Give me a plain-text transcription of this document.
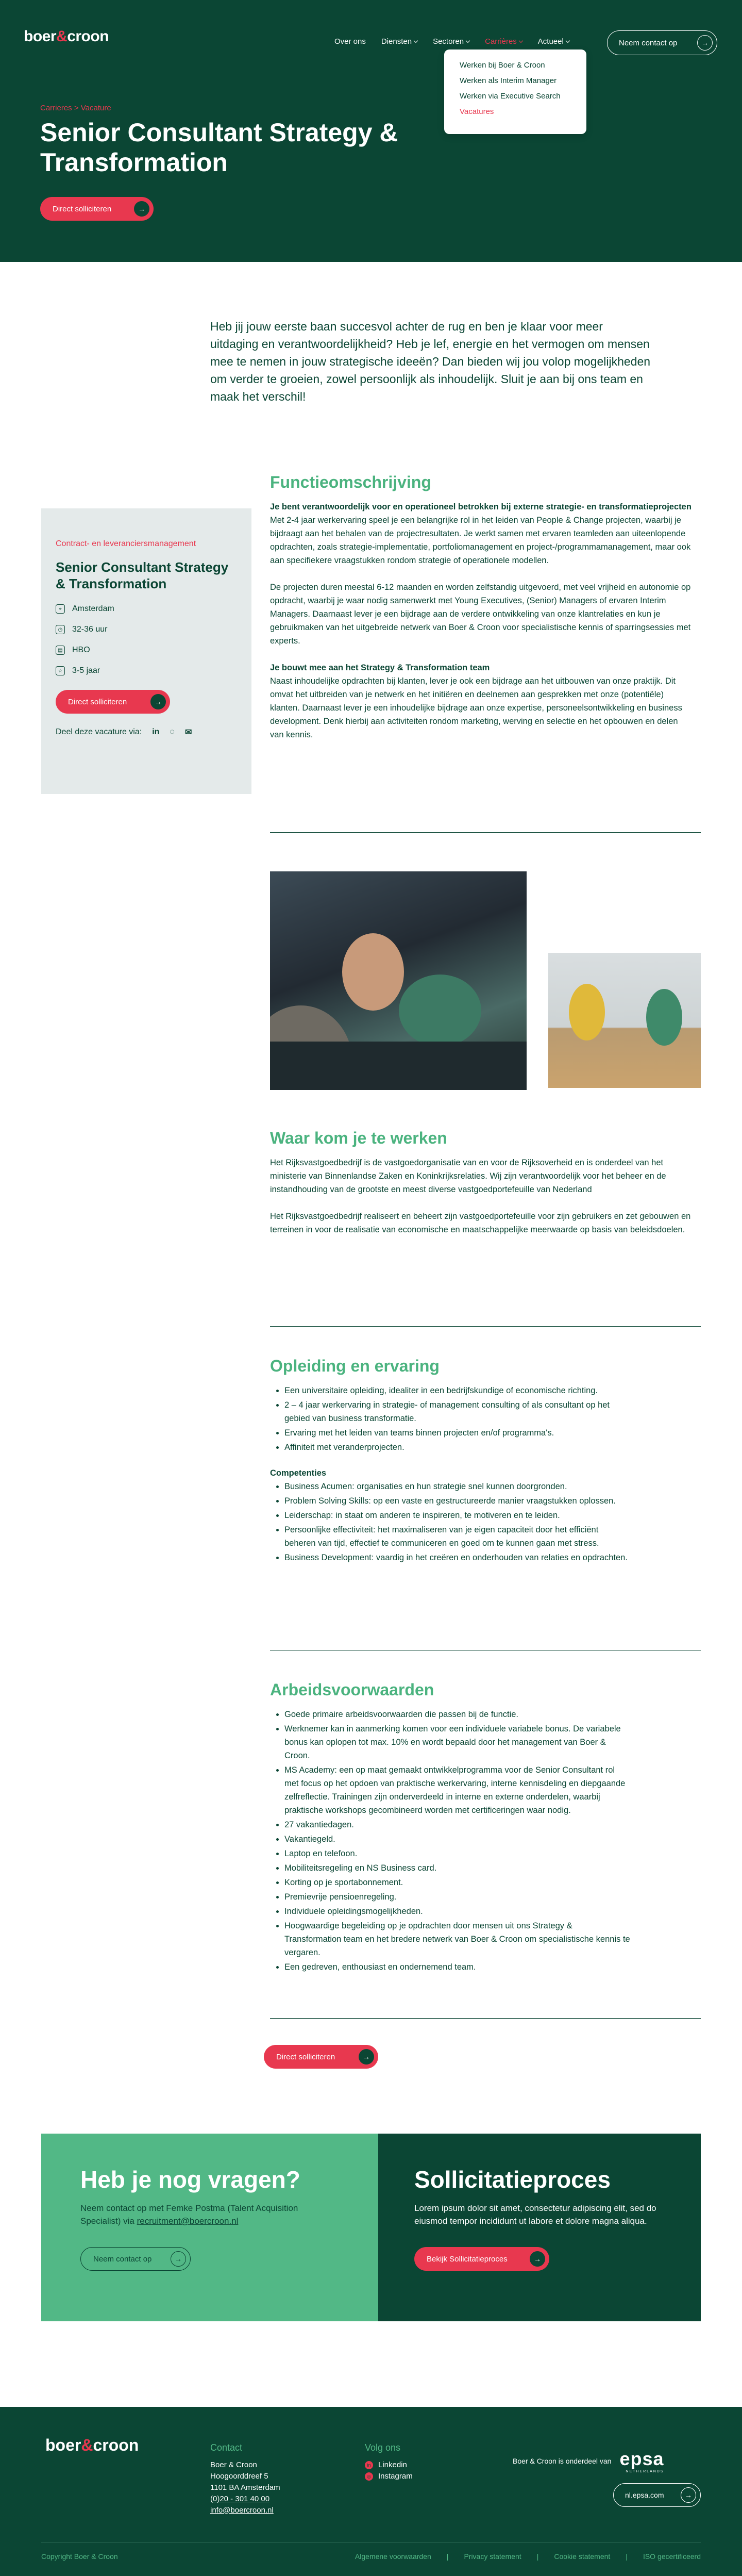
boer&croon	Over ons Diensten	Sectoren	Carrières	Actueel	Neem contact op	→
Werken bij Boer & Croon
Werken als Interim Manager
Werken via Executive Search
Vacatures
Carrieres > Vacature
Senior Consultant Strategy & Transformation
Direct solliciteren	→

Heb jij jouw eerste baan succesvol achter de rug en ben je klaar voor meer uitdaging en verantwoordelijkheid? Heb je lef, energie en het vermogen om mensen mee te nemen in jouw strategische ideeën? Dan bieden wij jou volop mogelijkheden om verder te groeien, zowel persoonlijk als inhoudelijk. Sluit je aan bij ons team en maak het verschil!

Contract- en leveranciersmanagement
Senior Consultant Strategy & Transformation
⌖	Amsterdam
◷ 32-36 uur
▤ HBO
☆ 3-5 jaar
Direct solliciteren	→
Deel deze vacature via: in ◌ ✉
Functieomschrijving

Je bent verantwoordelijk voor en operationeel betrokken bij externe strategie- en transformatieprojecten
Met 2-4 jaar werkervaring speel je een belangrijke rol in het leiden van People & Change projecten, waarbij je bijdraagt aan het behalen van de projectresultaten. Je werkt samen met ervaren teamleden aan uiteenlopende opdrachten, zoals strategie-implementatie, portfoliomanagement en project-/programmamanagement, maar ook aan specifiekere vraagstukken rondom strategie of operationele modellen.

De projecten duren meestal 6-12 maanden en worden zelfstandig uitgevoerd, met veel vrijheid en autonomie op opdracht, waarbij je waar nodig samenwerkt met Young Executives, (Senior) Managers of ervaren Interim Managers. Daarnaast lever je een bijdrage aan de verdere ontwikkeling van onze klantrelaties en kun je gebruikmaken van het uitgebreide netwerk van Boer & Croon voor specialistische kennis of sparringsessies met experts.

Je bouwt mee aan het Strategy & Transformation team
Naast inhoudelijke opdrachten bij klanten, lever je ook een bijdrage aan het uitbouwen van onze praktijk. Dit omvat het uitbreiden van je netwerk en het initiëren en deelnemen aan gesprekken met onze (potentiële) klanten. Daarnaast lever je een inhoudelijke bijdrage aan onze expertise, personeelsontwikkeling en business development. Denk hierbij aan activiteiten rondom marketing, werving en selectie en het opbouwen en delen van kennis.

Waar kom je te werken

Het Rijksvastgoedbedrijf is de vastgoedorganisatie van en voor de Rijksoverheid en is onderdeel van het ministerie van Binnenlandse Zaken en Koninkrijksrelaties. Wij zijn verantwoordelijk voor het beheer en de instandhouding van de grootste en meest diverse vastgoedportefeuille van Nederland

Het Rijksvastgoedbedrijf realiseert en beheert zijn vastgoedportefeuille voor zijn gebruikers en zet gebouwen en terreinen in voor de realisatie van economische en maatschappelijke meerwaarde op basis van beleidsdoelen.

Opleiding en ervaring
Een universitaire opleiding, idealiter in een bedrijfskundige of economische richting.
2 – 4 jaar werkervaring in strategie- of management consulting of als consultant op het gebied van business transformatie.
Ervaring met het leiden van teams binnen projecten en/of programma's.
Affiniteit met veranderprojecten.
Competenties
Business Acumen: organisaties en hun strategie snel kunnen doorgronden.
Problem Solving Skills: op een vaste en gestructureerde manier vraagstukken oplossen.
Leiderschap: in staat om anderen te inspireren, te motiveren en te leiden.
Persoonlijke effectiviteit: het maximaliseren van je eigen capaciteit door het efficiënt beheren van tijd, effectief te communiceren en goed om te kunnen gaan met stress.
Business Development: vaardig in het creëren en onderhouden van relaties en opdrachten.
Arbeidsvoorwaarden
Goede primaire arbeidsvoorwaarden die passen bij de functie.
Werknemer kan in aanmerking komen voor een individuele variabele bonus. De variabele bonus kan oplopen tot max. 10% en wordt bepaald door het management van Boer & Croon.
MS Academy: een op maat gemaakt ontwikkelprogramma voor de Senior Consultant rol met focus op het opdoen van praktische werkervaring, interne kennisdeling en diepgaande zelfreflectie. Trainingen zijn onderverdeeld in interne en externe onderdelen, waarbij praktische workshops gecombineerd worden met certificeringen waar nodig.
27 vakantiedagen.
Vakantiegeld.
Laptop en telefoon.
Mobiliteitsregeling en NS Business card.
Korting op je sportabonnement.
Premievrije pensioenregeling.
Individuele opleidingsmogelijkheden.
Hoogwaardige begeleiding op je opdrachten door mensen uit ons Strategy & Transformation team en het bredere netwerk van Boer & Croon om specialistische kennis te vergaren.
Een gedreven, enthousiast en ondernemend team.
Direct solliciteren	→
Heb je nog vragen?

Neem contact op met Femke Postma (Talent Acquisition Specialist) via recruitment@boercroon.nl

Neem contact op	→
Sollicitatieproces

Lorem ipsum dolor sit amet, consectetur adipiscing elit, sed do eiusmod tempor incididunt ut labore et dolore magna aliqua.

Bekijk Sollicitatieproces	→
boer&croon	Contact
Boer & Croon
Hoogoorddreef 5
1101 BA Amsterdam
(0)20 - 301 40 00
info@boercroon.nl
Volg ons
in Linkedin
◎ Instagram
Boer & Croon is onderdeel van epsa
NETHERLANDS
nl.epsa.com	→
Copyright Boer & Croon	Algemene voorwaarden	|	Privacy statement	|	Cookie statement	|	ISO gecertificeerd
